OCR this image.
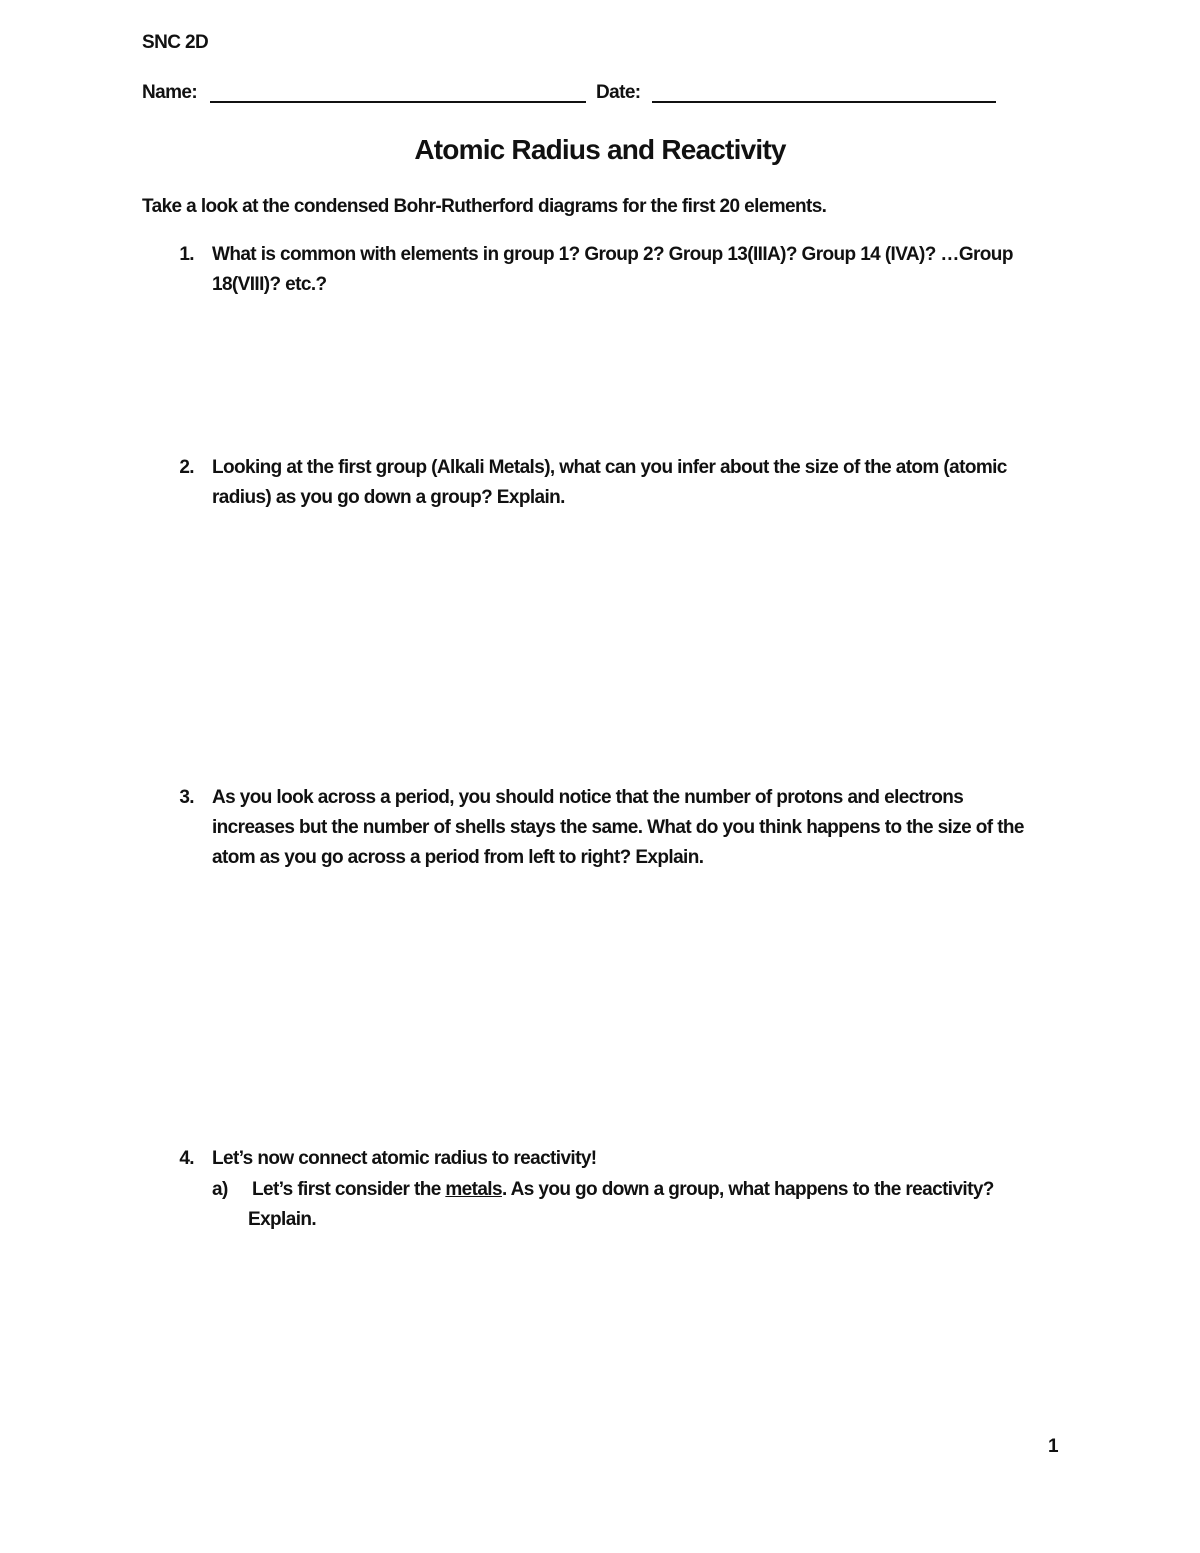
SNC 2D
Name:	Date:
Atomic Radius and Reactivity
Take a look at the condensed Bohr-Rutherford diagrams for the first 20 elements.
1. What is common with elements in group 1? Group 2? Group 13(IIIA)? Group 14 (IVA)? …Group
18(VIII)? etc.?
2. Looking at the first group (Alkali Metals), what can you infer about the size of the atom (atomic
radius) as you go down a group? Explain.
3. As you look across a period, you should notice that the number of protons and electrons
increases but the number of shells stays the same. What do you think happens to the size of the
atom as you go across a period from left to right? Explain.
4. Let’s now connect atomic radius to reactivity!
a) Let’s first consider the metals. As you go down a group, what happens to the reactivity?
Explain.
1
